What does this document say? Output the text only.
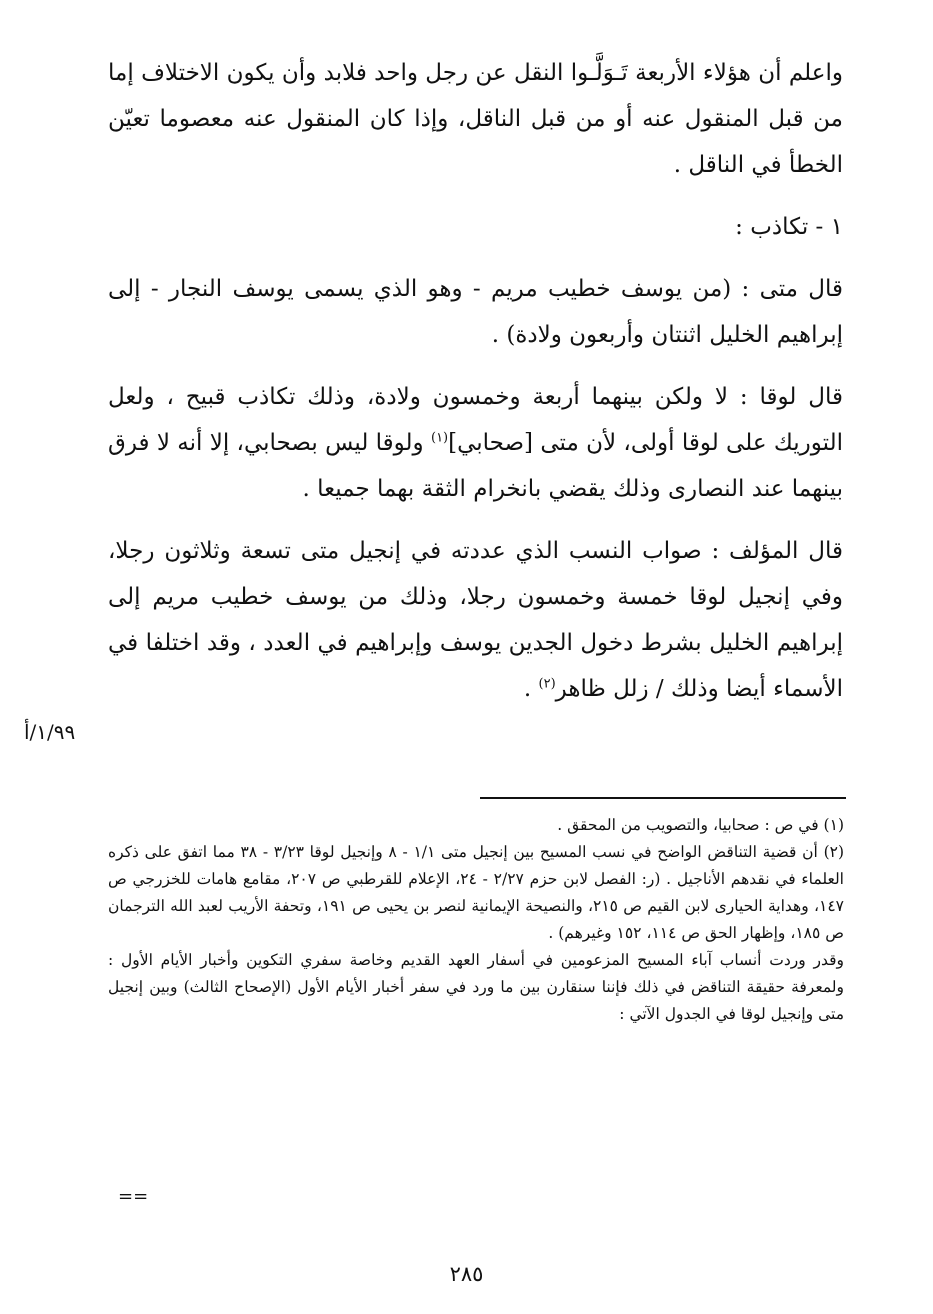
واعلم أن هؤلاء الأربعة تَـوَلَّـوا النقل عن رجل واحد فلابد وأن يكون الاختلاف إما من قبل المنقول عنه أو من قبل الناقل، وإذا كان المنقول عنه معصوما تعيّن الخطأ في الناقل .

١ - تكاذب :

قال متى : (من يوسف خطيب مريم - وهو الذي يسمى يوسف النجار - إلى إبراهيم الخليل اثنتان وأربعون ولادة) .

قال لوقا : لا ولكن بينهما أربعة وخمسون ولادة، وذلك تكاذب قبيح ، ولعل التوريك على لوقا أولى، لأن متى [صحابي]$^{(١)}$ ولوقا ليس بصحابي، إلا أنه لا فرق بينهما عند النصارى وذلك يقضي بانخرام الثقة بهما جميعا .

قال المؤلف : صواب النسب الذي عددته في إنجيل متى تسعة وثلاثون رجلا، وفي إنجيل لوقا خمسة وخمسون رجلا، وذلك من يوسف خطيب مريم إلى إبراهيم الخليل بشرط دخول الجدين يوسف وإبراهيم في العدد ، وقد اختلفا في الأسماء أيضا وذلك / زلل ظاهر$^{(٢)}$ .

١/٩٩/أ

(١) في ص : صحابيا، والتصويب من المحقق .

(٢) أن قضية التناقض الواضح في نسب المسيح بين إنجيل متى ١/١ - ٨ وإنجيل لوقا ٣/٢٣ - ٣٨ مما اتفق على ذكره العلماء في نقدهم الأناجيل . (ر: الفصل لابن حزم ٢/٢٧ - ٢٤، الإعلام للقرطبي ص ٢٠٧، مقامع هامات للخزرجي ص ١٤٧، وهداية الحيارى لابن القيم ص ٢١٥، والنصيحة الإيمانية لنصر بن يحيى ص ١٩١، وتحفة الأريب لعبد الله الترجمان ص ١٨٥، وإظهار الحق ص ١١٤، ١٥٢ وغيرهم) .

وقدر وردت أنساب آباء المسيح المزعومين في أسفار العهد القديم وخاصة سفري التكوين وأخبار الأيام الأول : ولمعرفة حقيقة التناقض في ذلك فإننا سنقارن بين ما ورد في سفر أخبار الأيام الأول (الإصحاح الثالث) وبين إنجيل متى وإنجيل لوقا في الجدول الآتي :

==
٢٨٥
